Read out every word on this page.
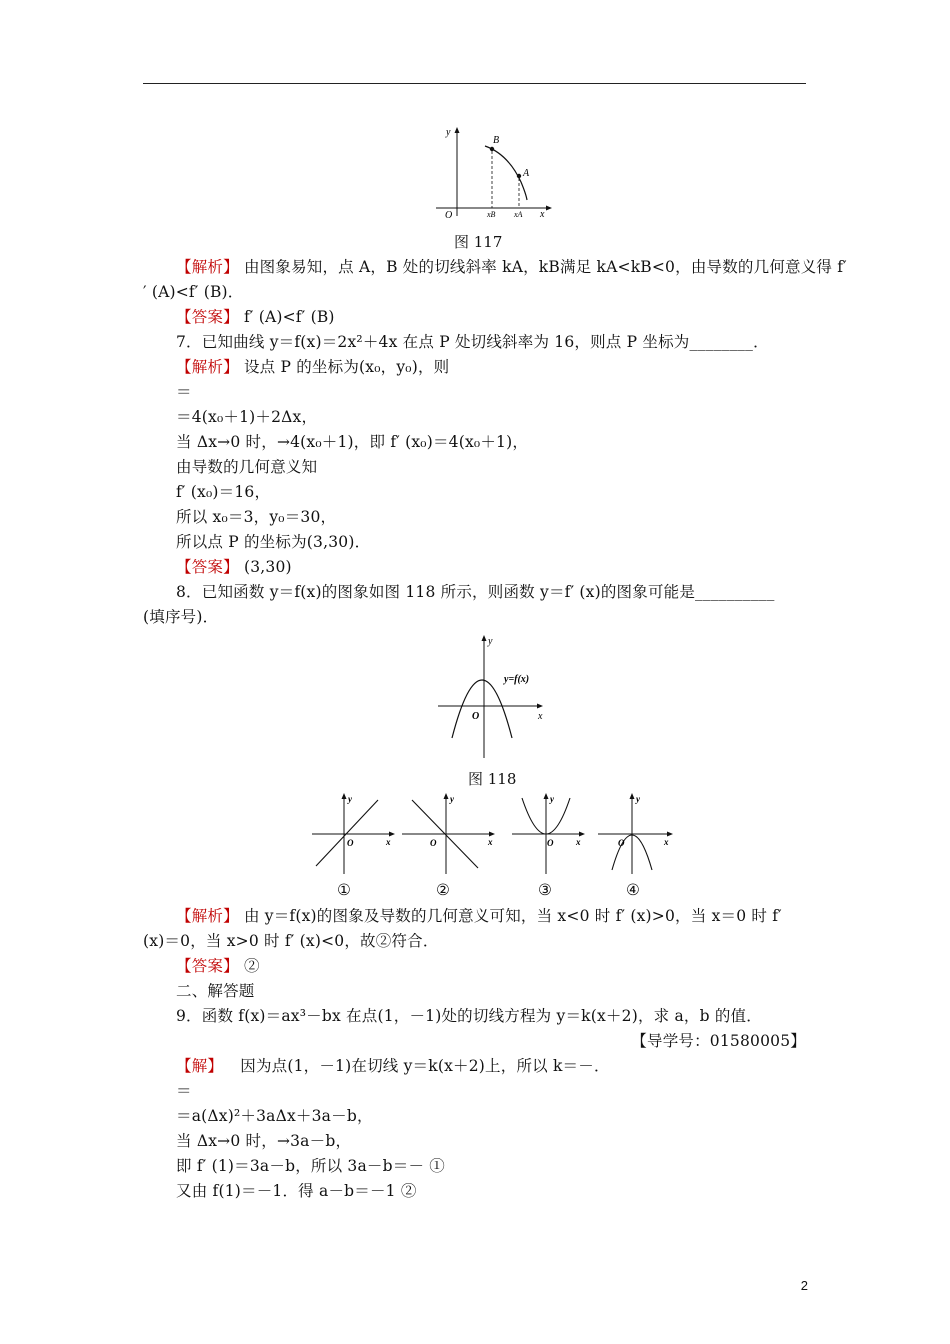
y
x
O
B
A
xB xA
图 117
【解析】 由图象易知，点 A，B 处的切线斜率 kA，kB满足 kA<kB<0，由导数的几何意义得 f′
′ (A)<f′ (B)．
【答案】 f′ (A)<f′ (B)
7．已知曲线 y＝f(x)＝2x²＋4x 在点 P 处切线斜率为 16，则点 P 坐标为________．
【解析】 设点 P 的坐标为(x₀，y₀)，则
＝
＝4(x₀＋1)＋2Δx，
当 Δx→0 时，→4(x₀＋1)，即 f′ (x₀)＝4(x₀＋1)，
由导数的几何意义知
f′ (x₀)＝16，
所以 x₀＝3，y₀＝30，
所以点 P 的坐标为(3,30)．
【答案】 (3,30)
8．已知函数 y＝f(x)的图象如图 118 所示，则函数 y＝f′ (x)的图象可能是__________
(填序号)．
y
x
O
y=f(x)
图 118
y
x
O
y
x
O
y
x
O
y
x
O
①	②	③	④
【解析】 由 y＝f(x)的图象及导数的几何意义可知，当 x<0 时 f′ (x)>0，当 x＝0 时 f′
(x)＝0，当 x>0 时 f′ (x)<0，故②符合．
【答案】 ②
二、解答题
9．函数 f(x)＝ax³－bx 在点(1，－1)处的切线方程为 y＝k(x＋2)，求 a，b 的值．
【导学号：01580005】
【解】 因为点(1，－1)在切线 y＝k(x＋2)上，所以 k＝－．
＝
＝a(Δx)²＋3aΔx＋3a－b，
当 Δx→0 时，→3a－b，
即 f′ (1)＝3a－b，所以 3a－b＝－ ①
又由 f(1)＝－1．得 a－b＝－1 ②
2
